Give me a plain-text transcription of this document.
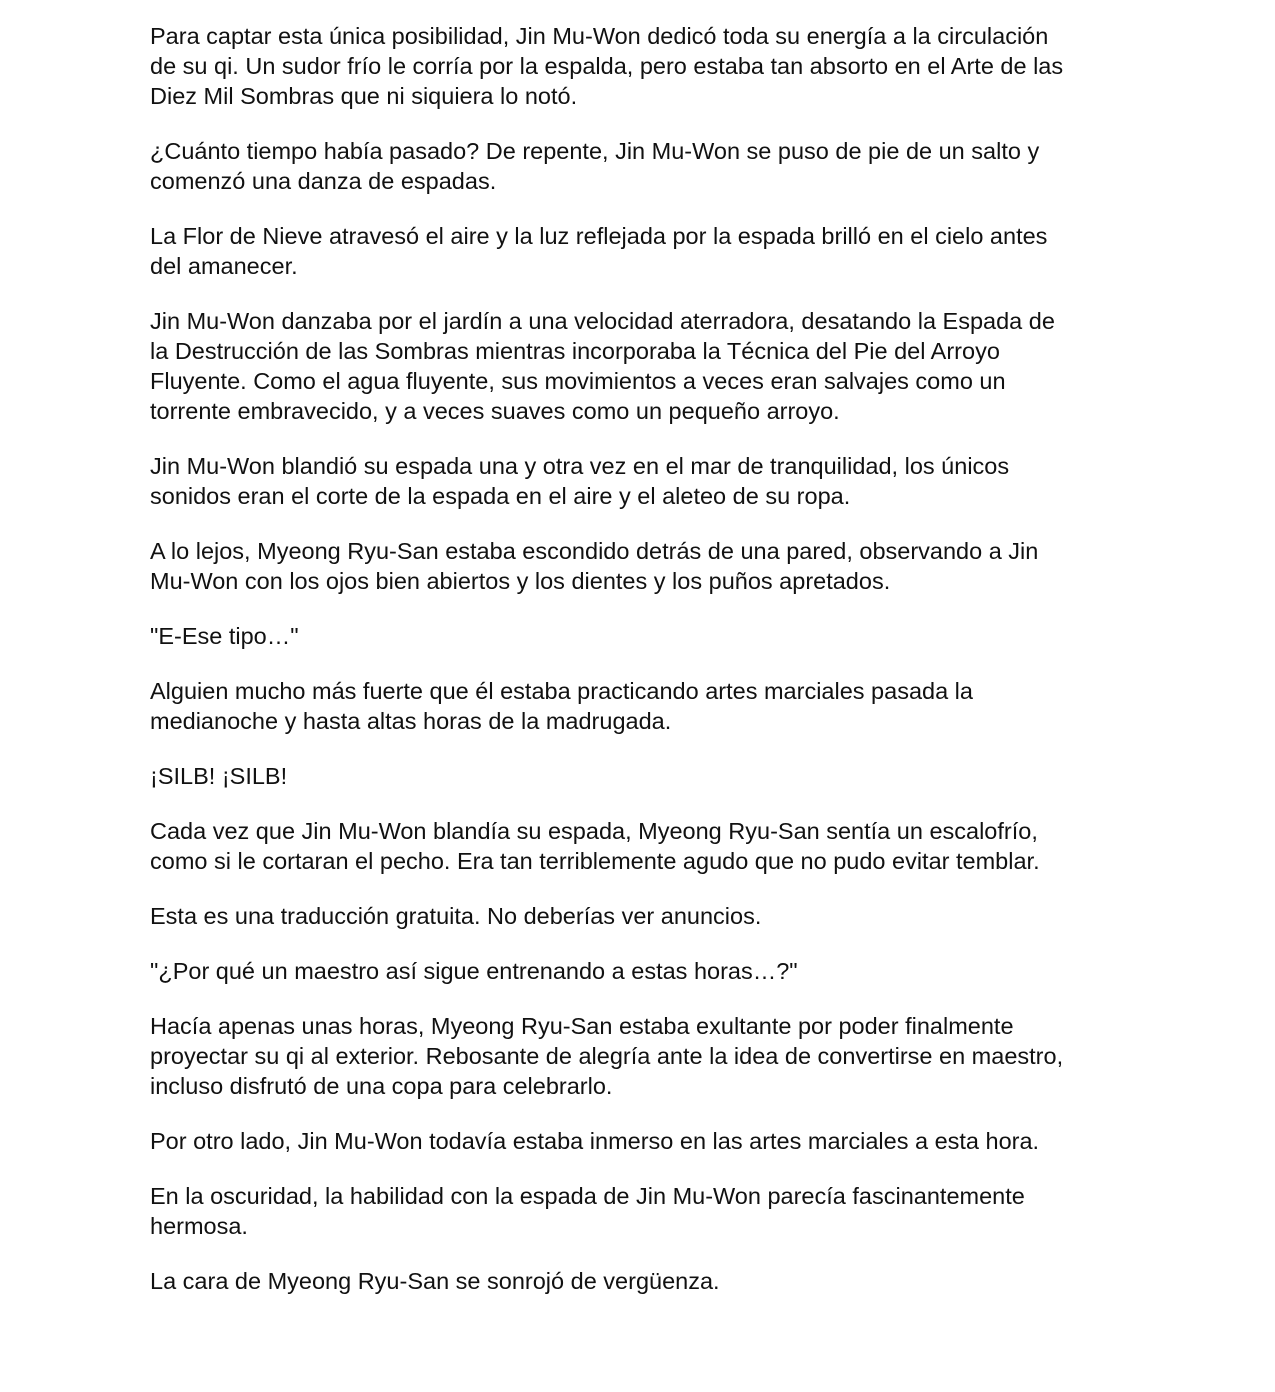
Para captar esta única posibilidad, Jin Mu-Won dedicó toda su energía a la circulación
de su qi. Un sudor frío le corría por la espalda, pero estaba tan absorto en el Arte de las
Diez Mil Sombras que ni siquiera lo notó.

¿Cuánto tiempo había pasado? De repente, Jin Mu-Won se puso de pie de un salto y
comenzó una danza de espadas.

La Flor de Nieve atravesó el aire y la luz reflejada por la espada brilló en el cielo antes
del amanecer.

Jin Mu-Won danzaba por el jardín a una velocidad aterradora, desatando la Espada de
la Destrucción de las Sombras mientras incorporaba la Técnica del Pie del Arroyo
Fluyente. Como el agua fluyente, sus movimientos a veces eran salvajes como un
torrente embravecido, y a veces suaves como un pequeño arroyo.

Jin Mu-Won blandió su espada una y otra vez en el mar de tranquilidad, los únicos
sonidos eran el corte de la espada en el aire y el aleteo de su ropa.

A lo lejos, Myeong Ryu-San estaba escondido detrás de una pared, observando a Jin
Mu-Won con los ojos bien abiertos y los dientes y los puños apretados.

"E-Ese tipo…"

Alguien mucho más fuerte que él estaba practicando artes marciales pasada la
medianoche y hasta altas horas de la madrugada.

¡SILB! ¡SILB!

Cada vez que Jin Mu-Won blandía su espada, Myeong Ryu-San sentía un escalofrío,
como si le cortaran el pecho. Era tan terriblemente agudo que no pudo evitar temblar.

Esta es una traducción gratuita. No deberías ver anuncios.

"¿Por qué un maestro así sigue entrenando a estas horas…?"

Hacía apenas unas horas, Myeong Ryu-San estaba exultante por poder finalmente
proyectar su qi al exterior. Rebosante de alegría ante la idea de convertirse en maestro,
incluso disfrutó de una copa para celebrarlo.

Por otro lado, Jin Mu-Won todavía estaba inmerso en las artes marciales a esta hora.

En la oscuridad, la habilidad con la espada de Jin Mu-Won parecía fascinantemente
hermosa.

La cara de Myeong Ryu-San se sonrojó de vergüenza.
